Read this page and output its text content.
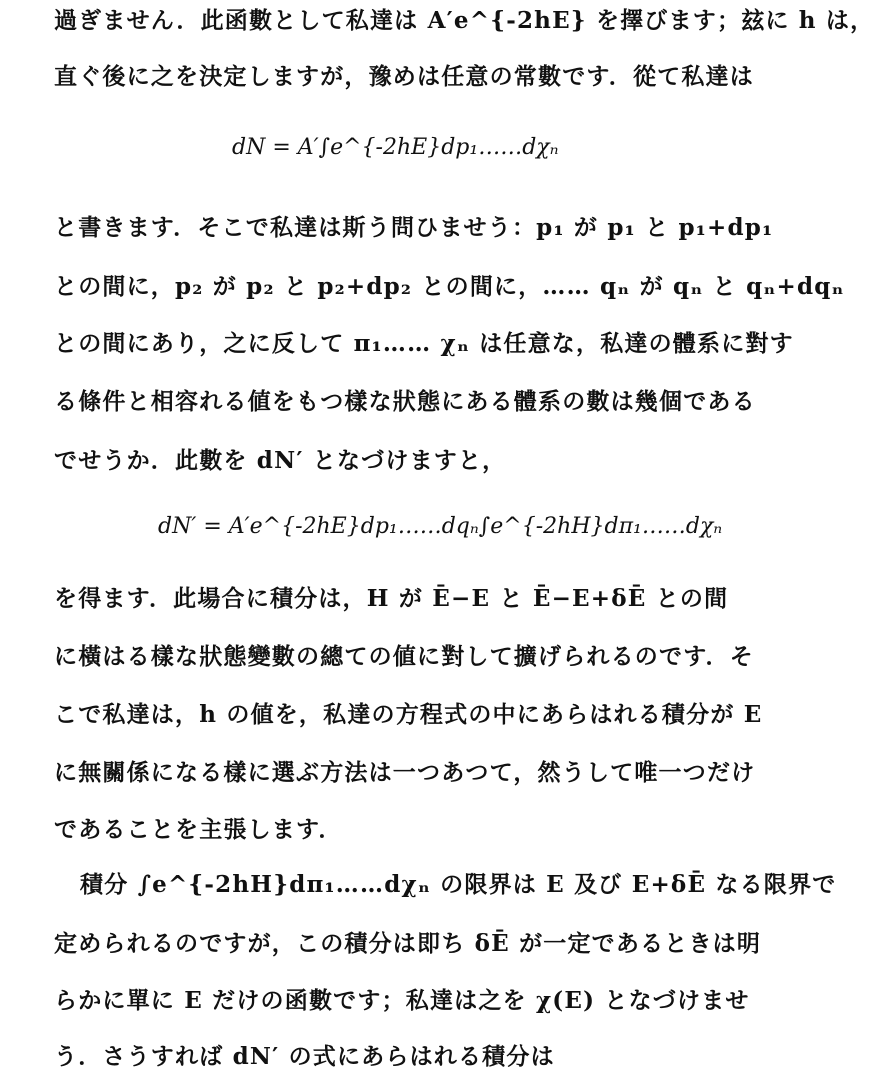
過ぎません．此函數として私達は A′e^{-2hE} を擇びます；玆に h は，
直ぐ後に之を決定しますが，豫めは任意の常數です．從て私達は
dN = A′∫e^{-2hE}dp₁……dχₙ
と書きます．そこで私達は斯う問ひませう：p₁ が p₁ と p₁+dp₁
との間に，p₂ が p₂ と p₂+dp₂ との間に，…… qₙ が qₙ と qₙ+dqₙ
との間にあり，之に反して π₁…… χₙ は任意な，私達の體系に對す
る條件と相容れる値をもつ樣な狀態にある體系の數は幾個である
でせうか．此數を dN′ となづけますと，
dN′ = A′e^{-2hE}dp₁……dqₙ∫e^{-2hH}dπ₁……dχₙ
を得ます．此場合に積分は，H が Ē−E と Ē−E+δĒ との間
に橫はる樣な狀態變數の總ての値に對して擴げられるのです．そ
こで私達は，h の値を，私達の方程式の中にあらはれる積分が E
に無關係になる樣に選ぶ方法は一つあつて，然うして唯一つだけ
であることを主張します．
積分 ∫e^{-2hH}dπ₁……dχₙ の限界は E 及び E+δĒ なる限界で
定められるのですが，この積分は即ち δĒ が一定であるときは明
らかに單に E だけの函數です；私達は之を χ(E) となづけませ
う．さうすれば dN′ の式にあらはれる積分は
